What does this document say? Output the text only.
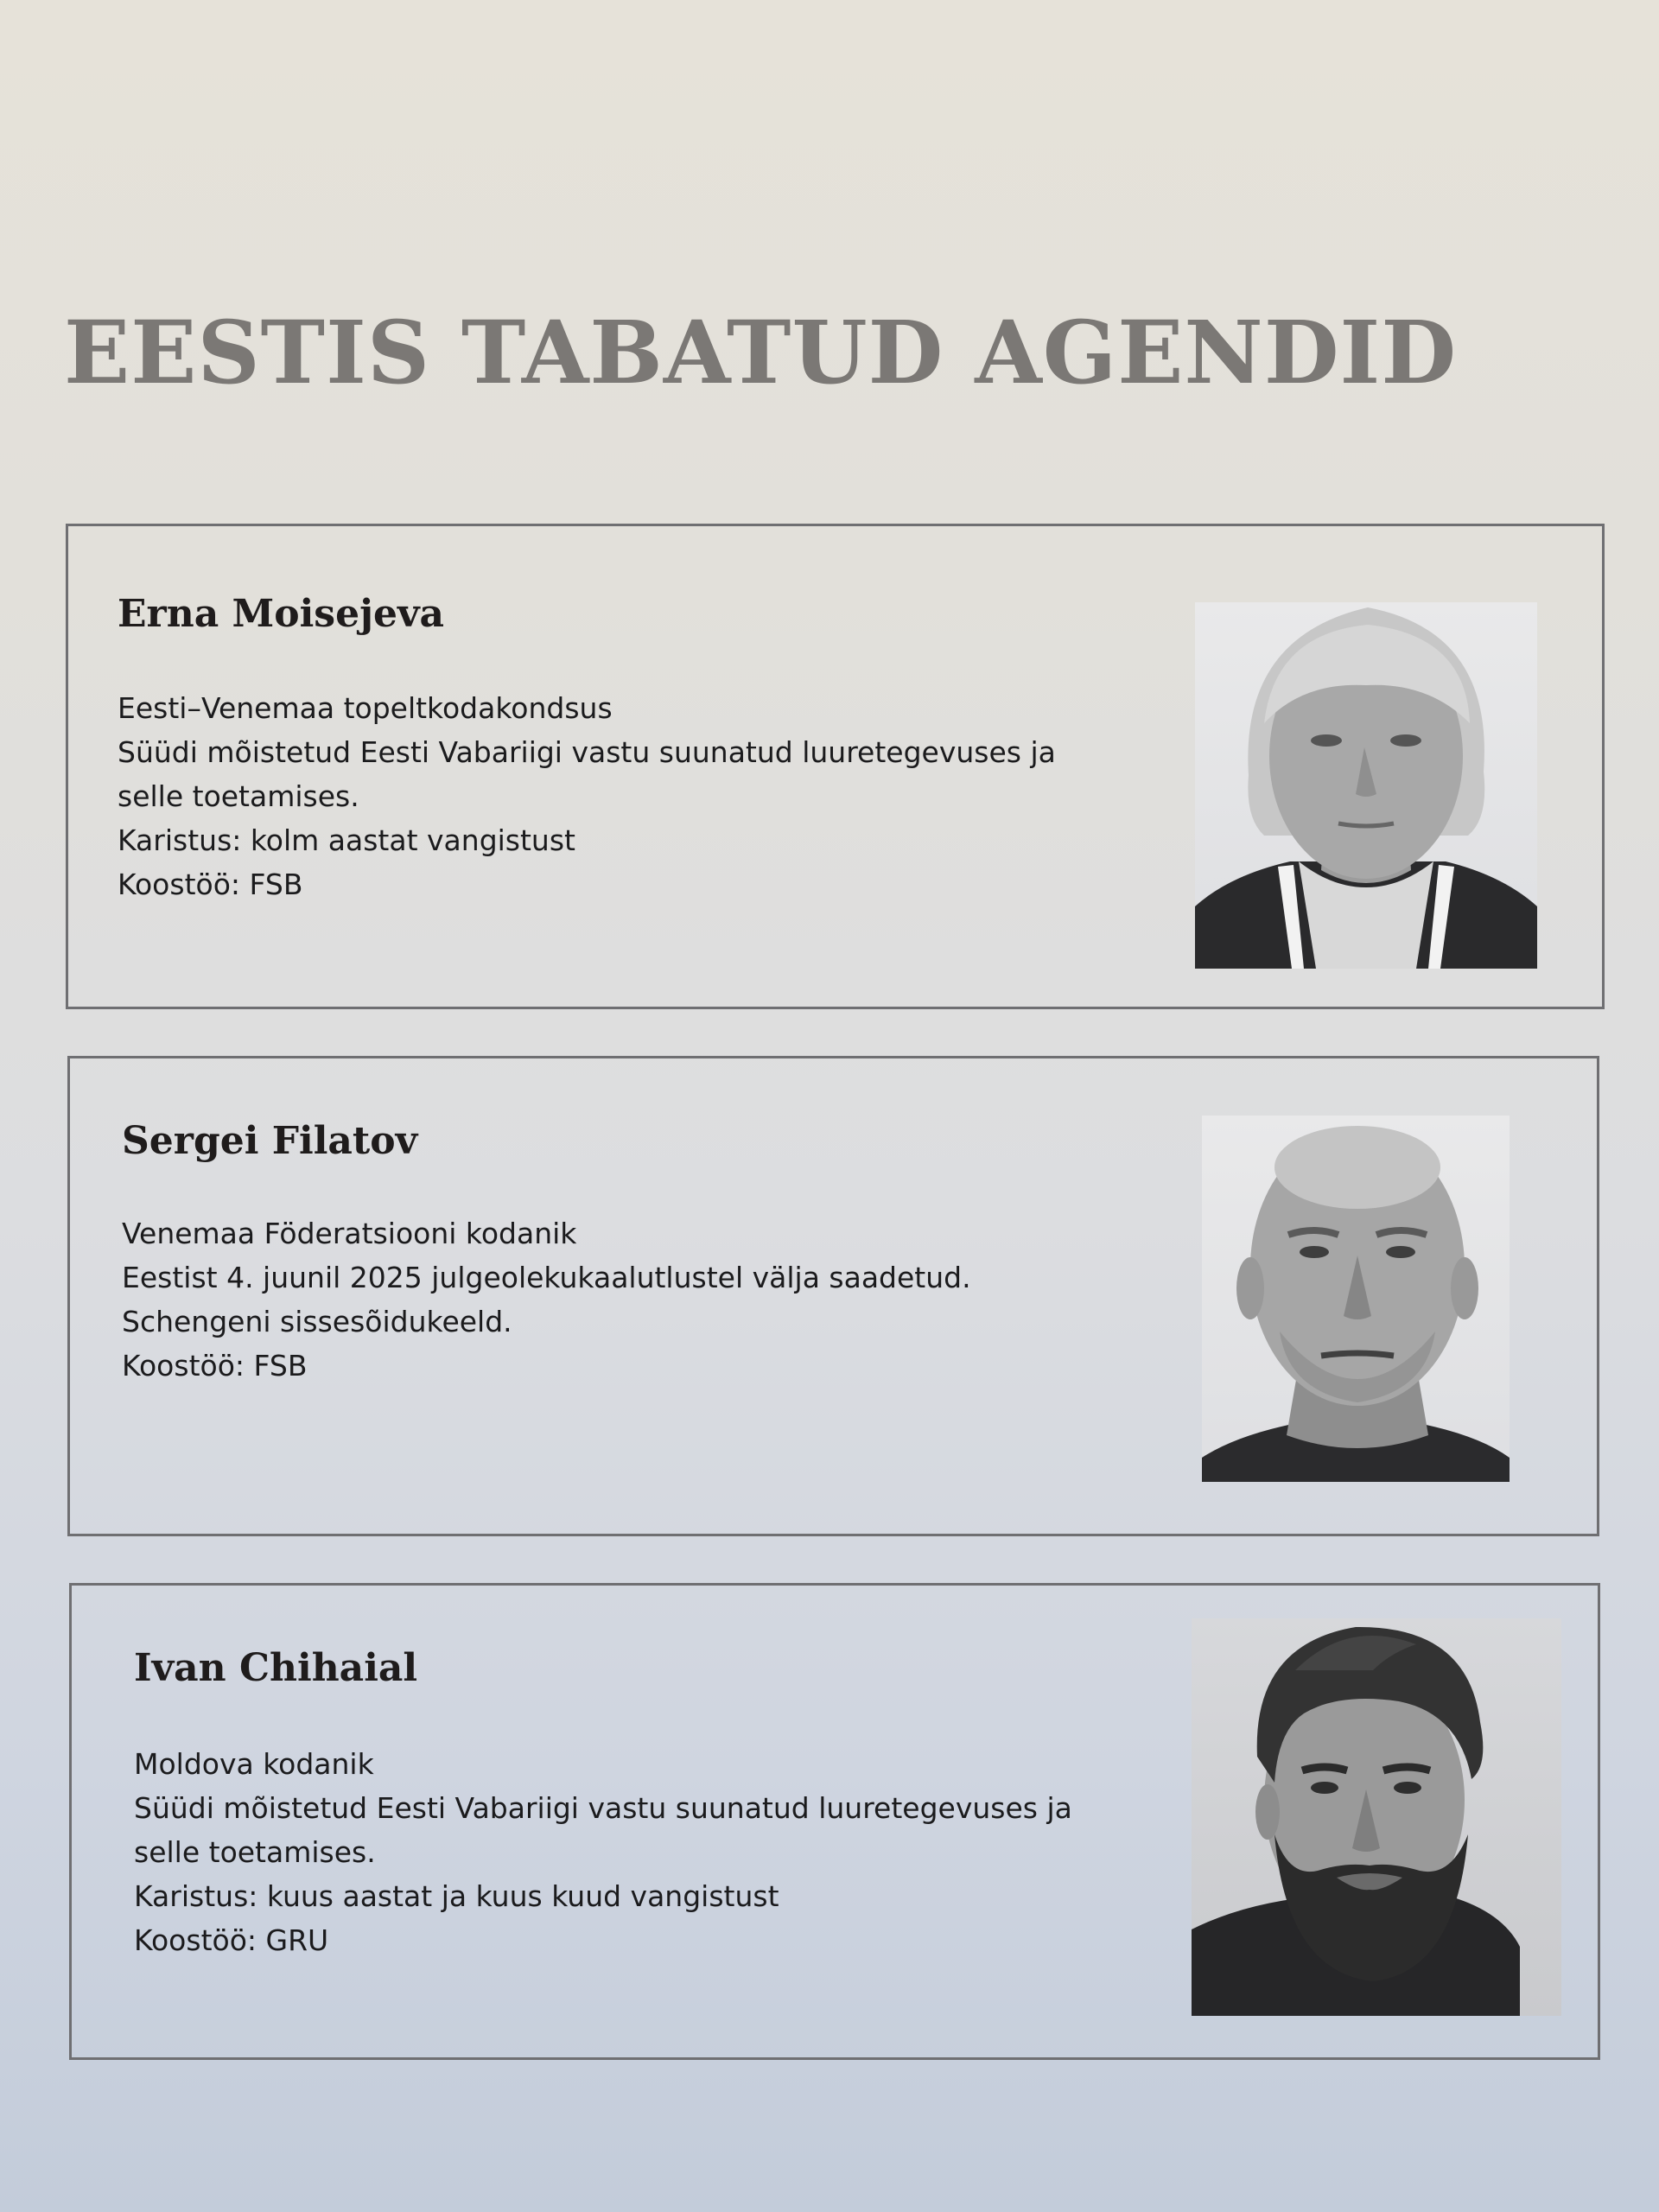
EESTIS TABATUD AGENDID
Erna Moisejeva
Eesti–Venemaa topeltkodakondsus
Süüdi mõistetud Eesti Vabariigi vastu suunatud luuretegevuses ja selle toetamises.
Karistus: kolm aastat vangistust
Koostöö: FSB
Sergei Filatov
Venemaa Föderatsiooni kodanik
Eestist 4. juunil 2025 julgeolekukaalutlustel välja saadetud.
Schengeni sissesõidukeeld.
Koostöö: FSB
Ivan Chihaial
Moldova kodanik
Süüdi mõistetud Eesti Vabariigi vastu suunatud luuretegevuses ja selle toetamises.
Karistus: kuus aastat ja kuus kuud vangistust
Koostöö: GRU
